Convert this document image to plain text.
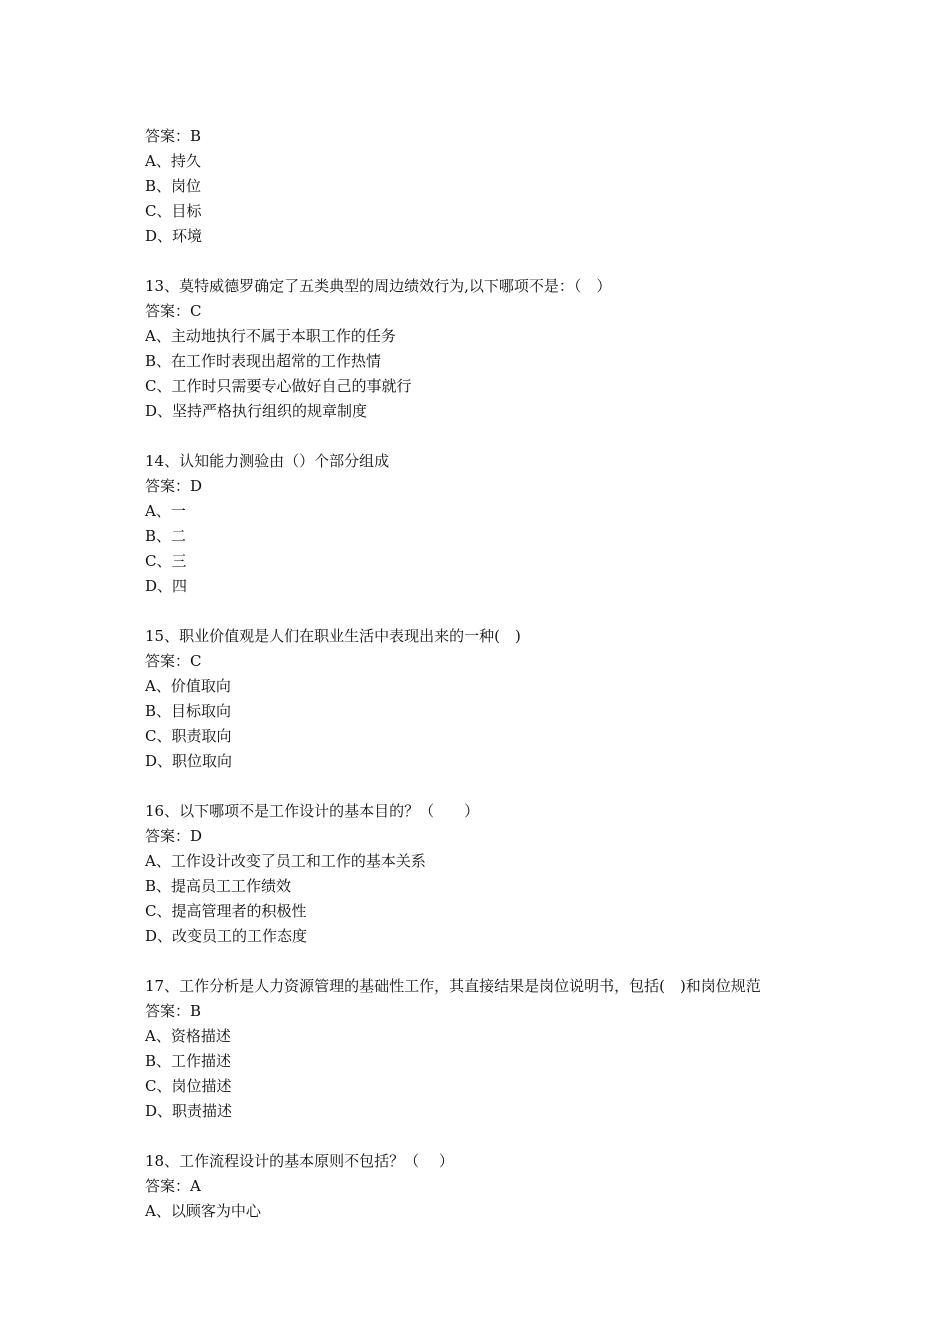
答案：B
A、持久
B、岗位
C、目标
D、环境
13、莫特威德罗确定了五类典型的周边绩效行为,以下哪项不是：（　）
答案：C
A、主动地执行不属于本职工作的任务
B、在工作时表现出超常的工作热情
C、工作时只需要专心做好自己的事就行
D、坚持严格执行组织的规章制度
14、认知能力测验由（）个部分组成
答案：D
A、一
B、二
C、三
D、四
15、职业价值观是人们在职业生活中表现出来的一种(　)
答案：C
A、价值取向
B、目标取向
C、职责取向
D、职位取向
16、以下哪项不是工作设计的基本目的？（　　）
答案：D
A、工作设计改变了员工和工作的基本关系
B、提高员工工作绩效
C、提高管理者的积极性
D、改变员工的工作态度
17、工作分析是人力资源管理的基础性工作，其直接结果是岗位说明书，包括(　)和岗位规范
答案：B
A、资格描述
B、工作描述
C、岗位描述
D、职责描述
18、工作流程设计的基本原则不包括？（　 ）
答案：A
A、以顾客为中心
